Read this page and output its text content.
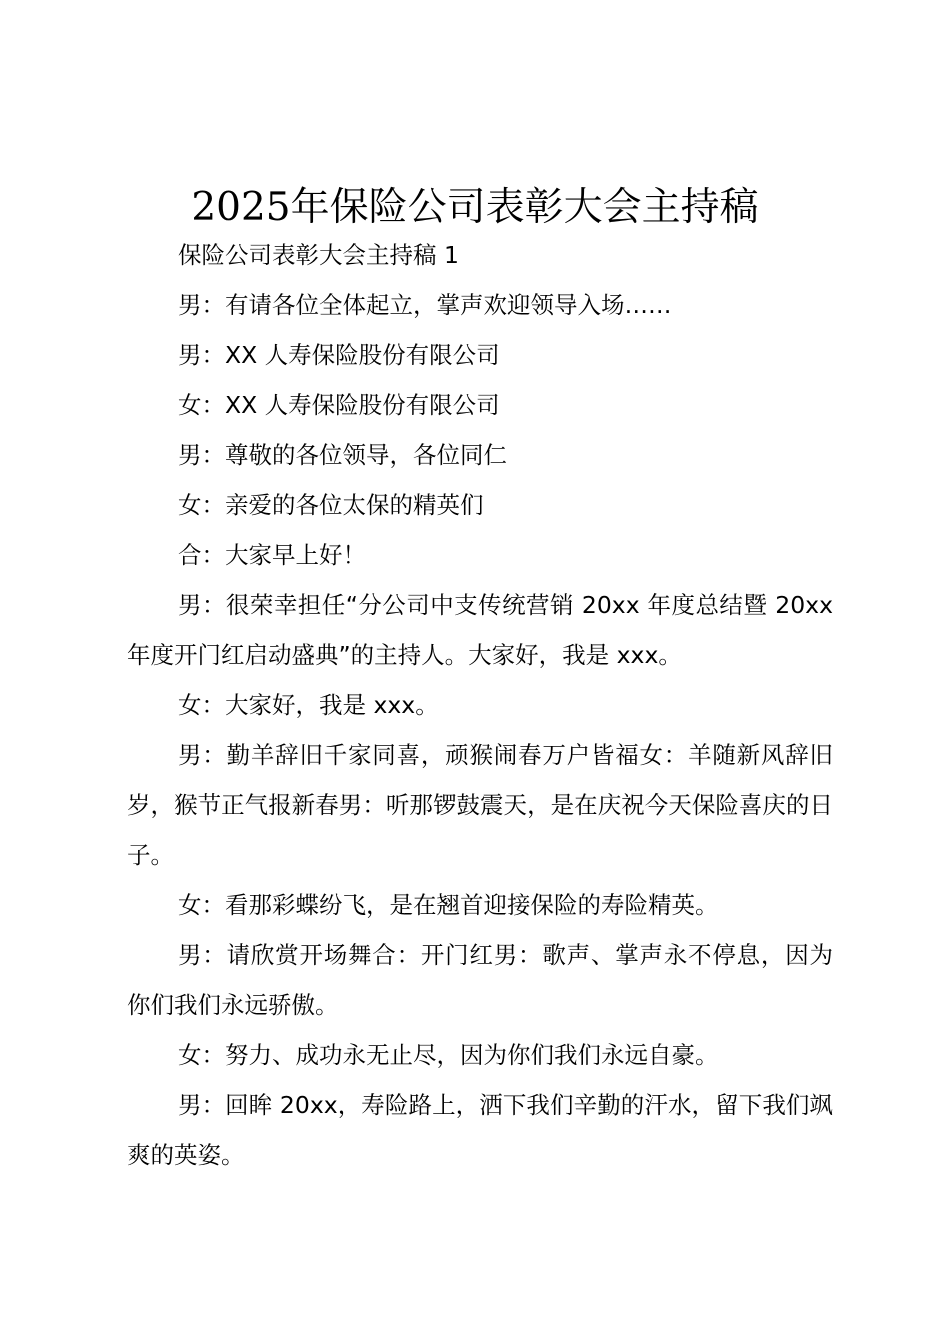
2025年保险公司表彰大会主持稿

保险公司表彰大会主持稿 1

男：有请各位全体起立，掌声欢迎领导入场……

男：XX 人寿保险股份有限公司

女：XX 人寿保险股份有限公司

男：尊敬的各位领导，各位同仁

女：亲爱的各位太保的精英们

合：大家早上好！

男：很荣幸担任“分公司中支传统营销 20xx 年度总结暨 20xx 年度开门红启动盛典”的主持人。大家好，我是 xxx。

女：大家好，我是 xxx。

男：勤羊辞旧千家同喜，顽猴闹春万户皆福女：羊随新风辞旧岁，猴节正气报新春男：听那锣鼓震天，是在庆祝今天保险喜庆的日子。

女：看那彩蝶纷飞，是在翘首迎接保险的寿险精英。

男：请欣赏开场舞合：开门红男：歌声、掌声永不停息，因为你们我们永远骄傲。

女：努力、成功永无止尽，因为你们我们永远自豪。

男：回眸 20xx，寿险路上，洒下我们辛勤的汗水，留下我们飒爽的英姿。
